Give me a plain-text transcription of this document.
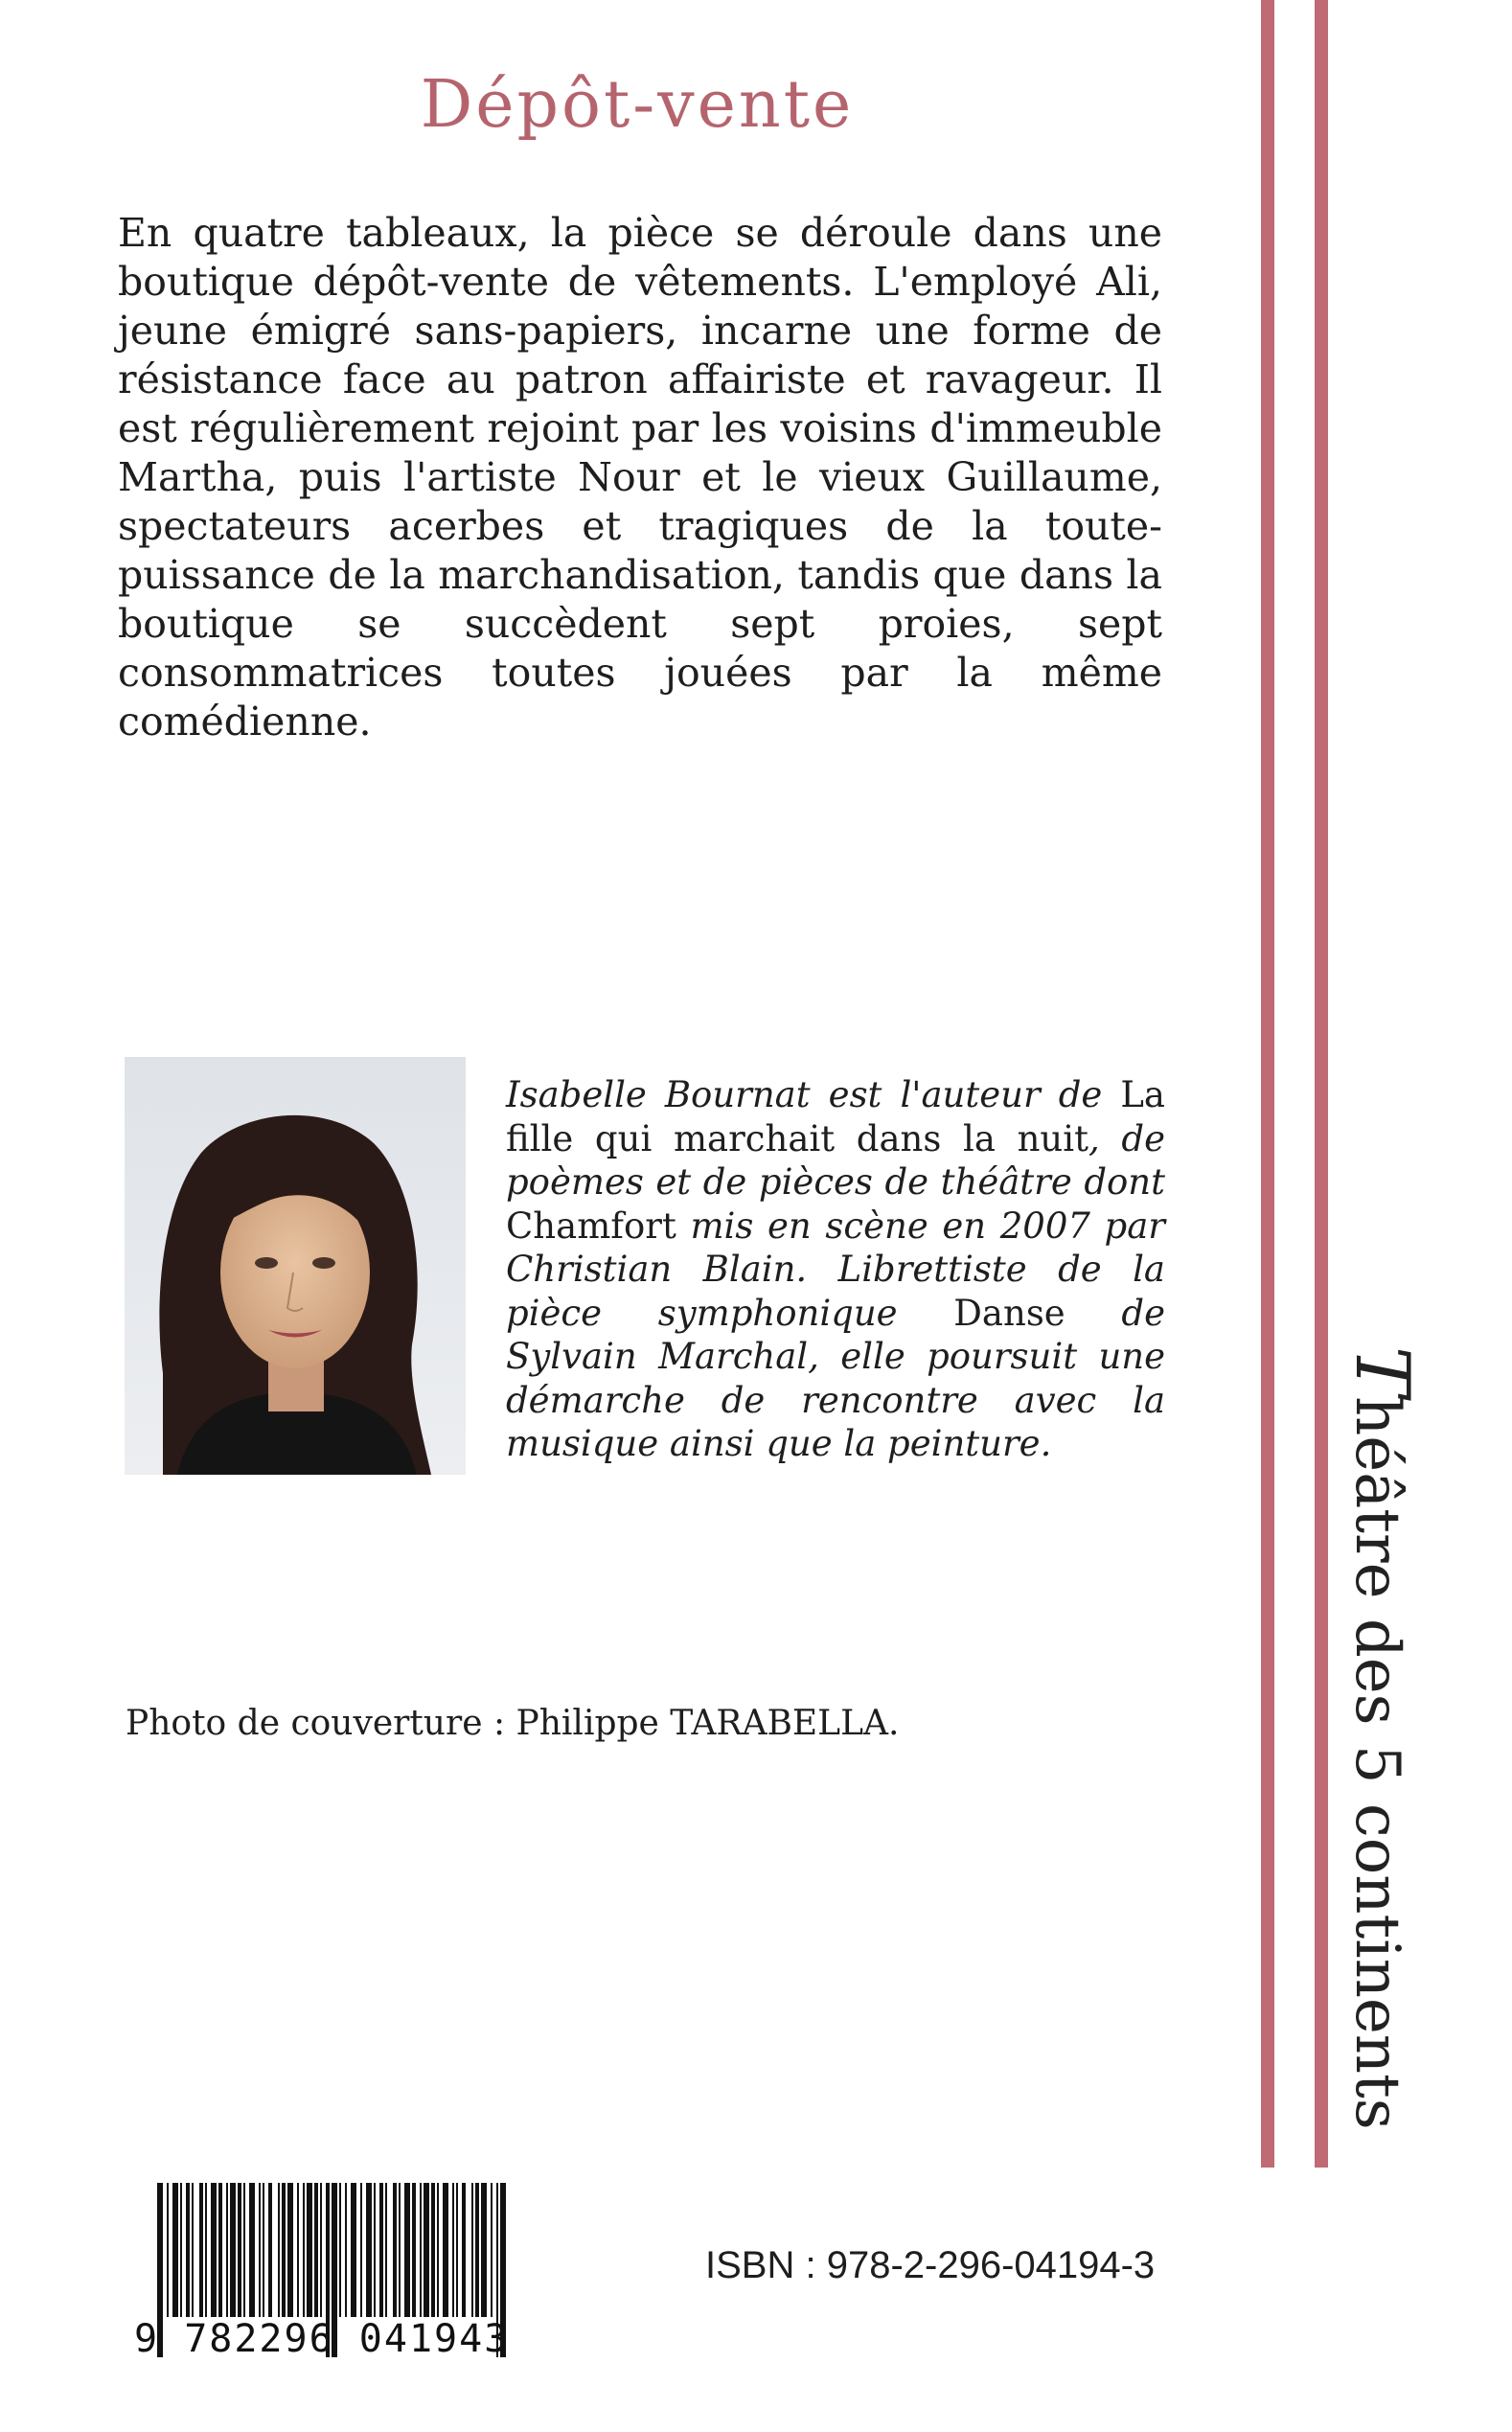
Dépôt-vente

En quatre tableaux, la pièce se déroule dans une boutique dépôt-vente de vêtements. L'employé Ali, jeune émigré sans-papiers, incarne une forme de résistance face au patron affairiste et ravageur. Il est régulièrement rejoint par les voisins d'immeuble Martha, puis l'artiste Nour et le vieux Guillaume, spectateurs acerbes et tragiques de la toute-puissance de la marchandisation, tandis que dans la boutique se succèdent sept proies, sept consommatrices toutes jouées par la même comédienne.

Isabelle Bournat est l'auteur de La fille qui marchait dans la nuit, de poèmes et de pièces de théâtre dont Chamfort mis en scène en 2007 par Christian Blain. Librettiste de la pièce symphonique Danse de Sylvain Marchal, elle poursuit une démarche de rencontre avec la musique ainsi que la peinture.

Photo de couverture : Philippe TARABELLA.
Théâtre des 5 continents
9 782296 041943
ISBN : 978-2-296-04194-3
